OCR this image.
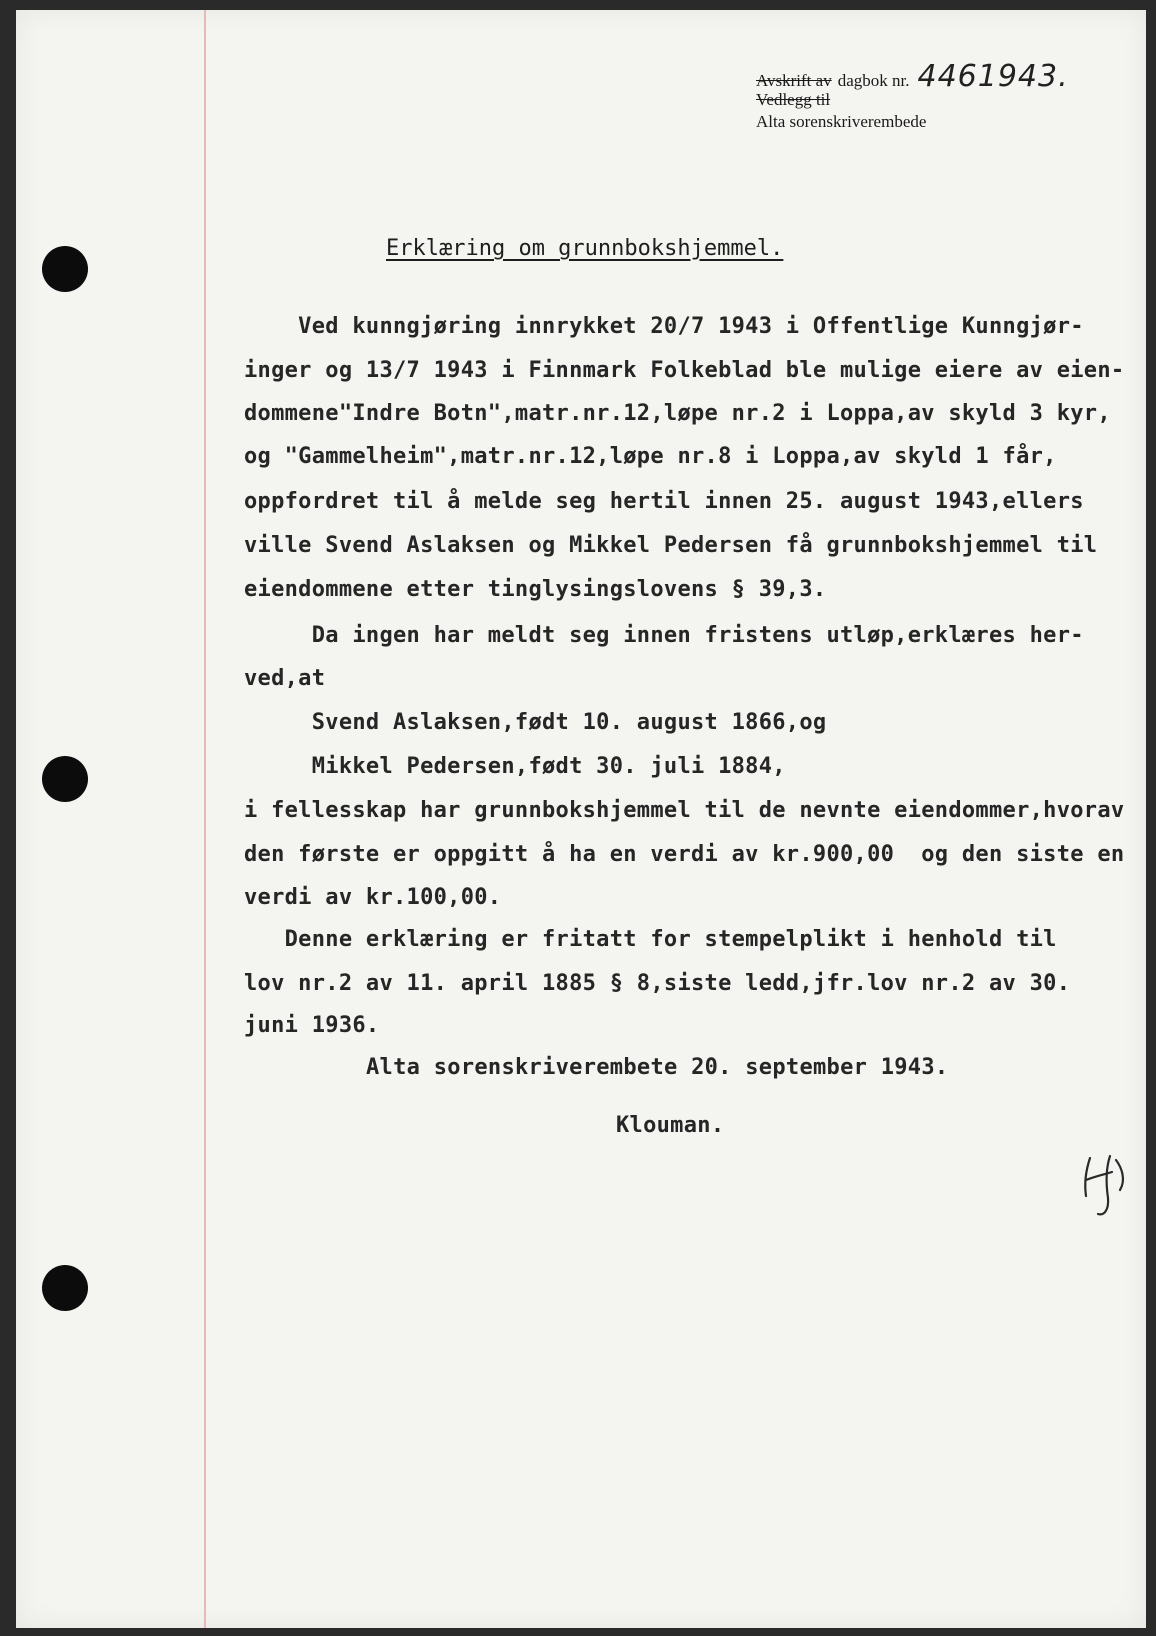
Avskrift av
Vedlegg til
dagbok nr. 4461943.
Alta sorenskriverembede
Erklæring om grunnbokshjemmel.
Ved kunngjøring innrykket 20/7 1943 i Offentlige Kunngjør-
inger og 13/7 1943 i Finnmark Folkeblad ble mulige eiere av eien-
dommene"Indre Botn",matr.nr.12,løpe nr.2 i Loppa,av skyld 3 kyr,
og "Gammelheim",matr.nr.12,løpe nr.8 i Loppa,av skyld 1 får,
oppfordret til å melde seg hertil innen 25. august 1943,ellers
ville Svend Aslaksen og Mikkel Pedersen få grunnbokshjemmel til
eiendommene etter tinglysingslovens § 39,3.
Da ingen har meldt seg innen fristens utløp,erklæres her-
ved,at
Svend Aslaksen,født 10. august 1866,og
Mikkel Pedersen,født 30. juli 1884,
i fellesskap har grunnbokshjemmel til de nevnte eiendommer,hvorav
den første er oppgitt å ha en verdi av kr.900,00  og den siste en
verdi av kr.100,00.
Denne erklæring er fritatt for stempelplikt i henhold til
lov nr.2 av 11. april 1885 § 8,siste ledd,jfr.lov nr.2 av 30.
juni 1936.
Alta sorenskriverembete 20. september 1943.
Klouman.
